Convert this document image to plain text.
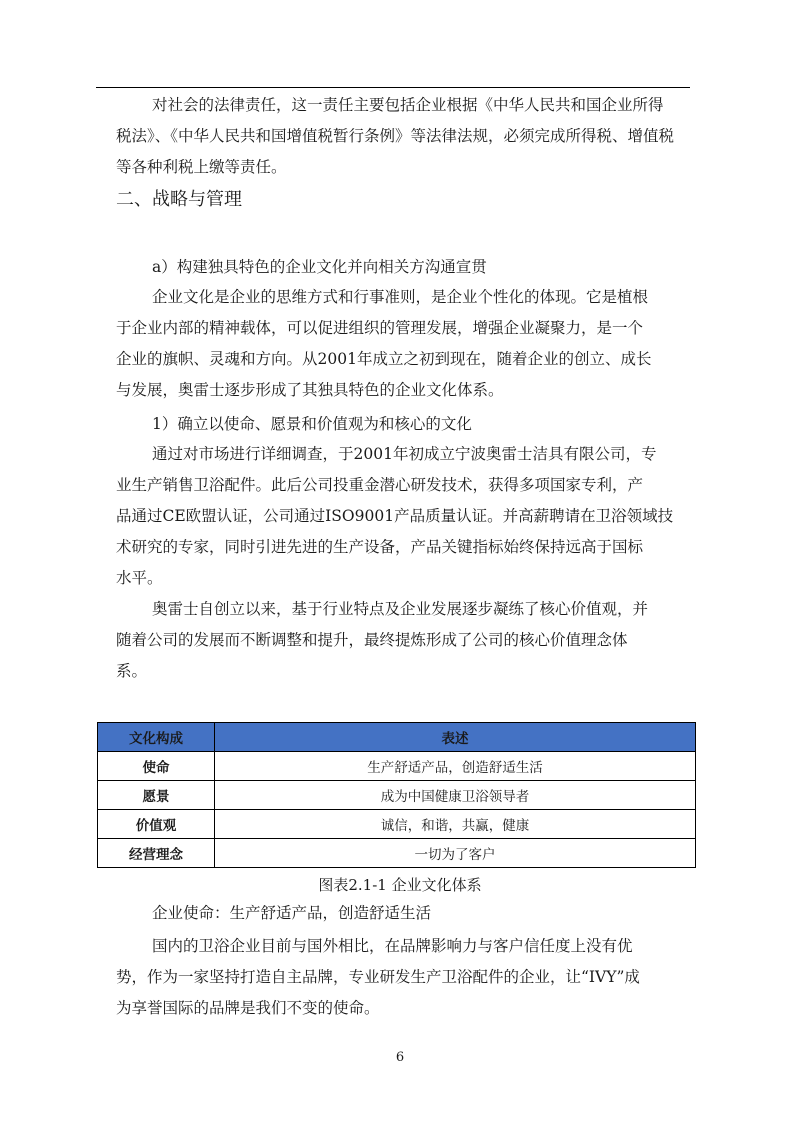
对社会的法律责任，这一责任主要包括企业根据《中华人民共和国企业所得
税法》、《中华人民共和国增值税暂行条例》等法律法规，必须完成所得税、增值税
等各种利税上缴等责任。

二、战略与管理

a）构建独具特色的企业文化并向相关方沟通宣贯

企业文化是企业的思维方式和行事准则，是企业个性化的体现。它是植根
于企业内部的精神载体，可以促进组织的管理发展，增强企业凝聚力，是一个
企业的旗帜、灵魂和方向。从2001年成立之初到现在，随着企业的创立、成长
与发展，奥雷士逐步形成了其独具特色的企业文化体系。

1）确立以使命、愿景和价值观为和核心的文化

通过对市场进行详细调查，于2001年初成立宁波奥雷士洁具有限公司，专
业生产销售卫浴配件。此后公司投重金潜心研发技术，获得多项国家专利，产
品通过CE欧盟认证，公司通过ISO9001产品质量认证。并高薪聘请在卫浴领域技
术研究的专家，同时引进先进的生产设备，产品关键指标始终保持远高于国标
水平。

奥雷士自创立以来，基于行业特点及企业发展逐步凝练了核心价值观，并
随着公司的发展而不断调整和提升，最终提炼形成了公司的核心价值理念体
系。

文化构成	表述
使命	生产舒适产品，创造舒适生活
愿景	成为中国健康卫浴领导者
价值观	诚信，和谐，共赢，健康
经营理念	一切为了客户

图表2.1-1 企业文化体系

企业使命：生产舒适产品，创造舒适生活

国内的卫浴企业目前与国外相比，在品牌影响力与客户信任度上没有优
势，作为一家坚持打造自主品牌，专业研发生产卫浴配件的企业，让“IVY”成
为享誉国际的品牌是我们不变的使命。

6
